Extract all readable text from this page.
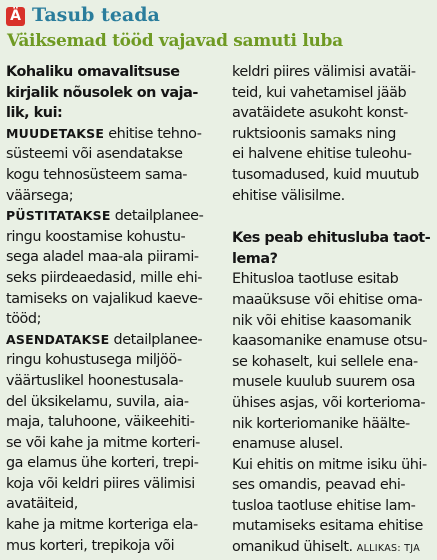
Ä Tasub teada
Väiksemad tööd vajavad samuti luba

Kohaliku omavalitsuse
kirjalik nõusolek on vaja-
lik, kui:

MUUDETAKSE ehitise tehno-
süsteemi või asendatakse
kogu tehnosüsteem sama-
väärsega;

PÜSTITATAKSE detailplanee-
ringu koostamise kohustu-
sega aladel maa-ala piirami-
seks piirdeaedasid, mille ehi-
tamiseks on vajalikud kaeve-
tööd;

ASENDATAKSE detailplanee-
ringu kohustusega miljöö-
väärtuslikel hoonestusala-
del üksikelamu, suvila, aia-
maja, taluhoone, väikeehiti-
se või kahe ja mitme korteri-
ga elamus ühe korteri, trepi-
koja või keldri piires välimisi
avatäiteid,
kahe ja mitme korteriga ela-
mus korteri, trepikoja või

keldri piires välimisi avatäi-
teid, kui vahetamisel jääb
avatäidete asukoht konst-
ruktsioonis samaks ning
ei halvene ehitise tuleohu-
tusomadused, kuid muutub
ehitise välisilme.

Kes peab ehitusluba taot-
lema?

Ehitusloa taotluse esitab
maaüksuse või ehitise oma-
nik või ehitise kaasomanik
kaasomanike enamuse otsu-
se kohaselt, kui sellele ena-
musele kuulub suurem osa
ühises asjas, või korterioma-
nik korteriomanike häälte-
enamuse alusel.

Kui ehitis on mitme isiku ühi-
ses omandis, peavad ehi-
tusloa taotluse ehitise lam-
mutamiseks esitama ehitise
omanikud ühiselt. ALLIKAS: TJA
